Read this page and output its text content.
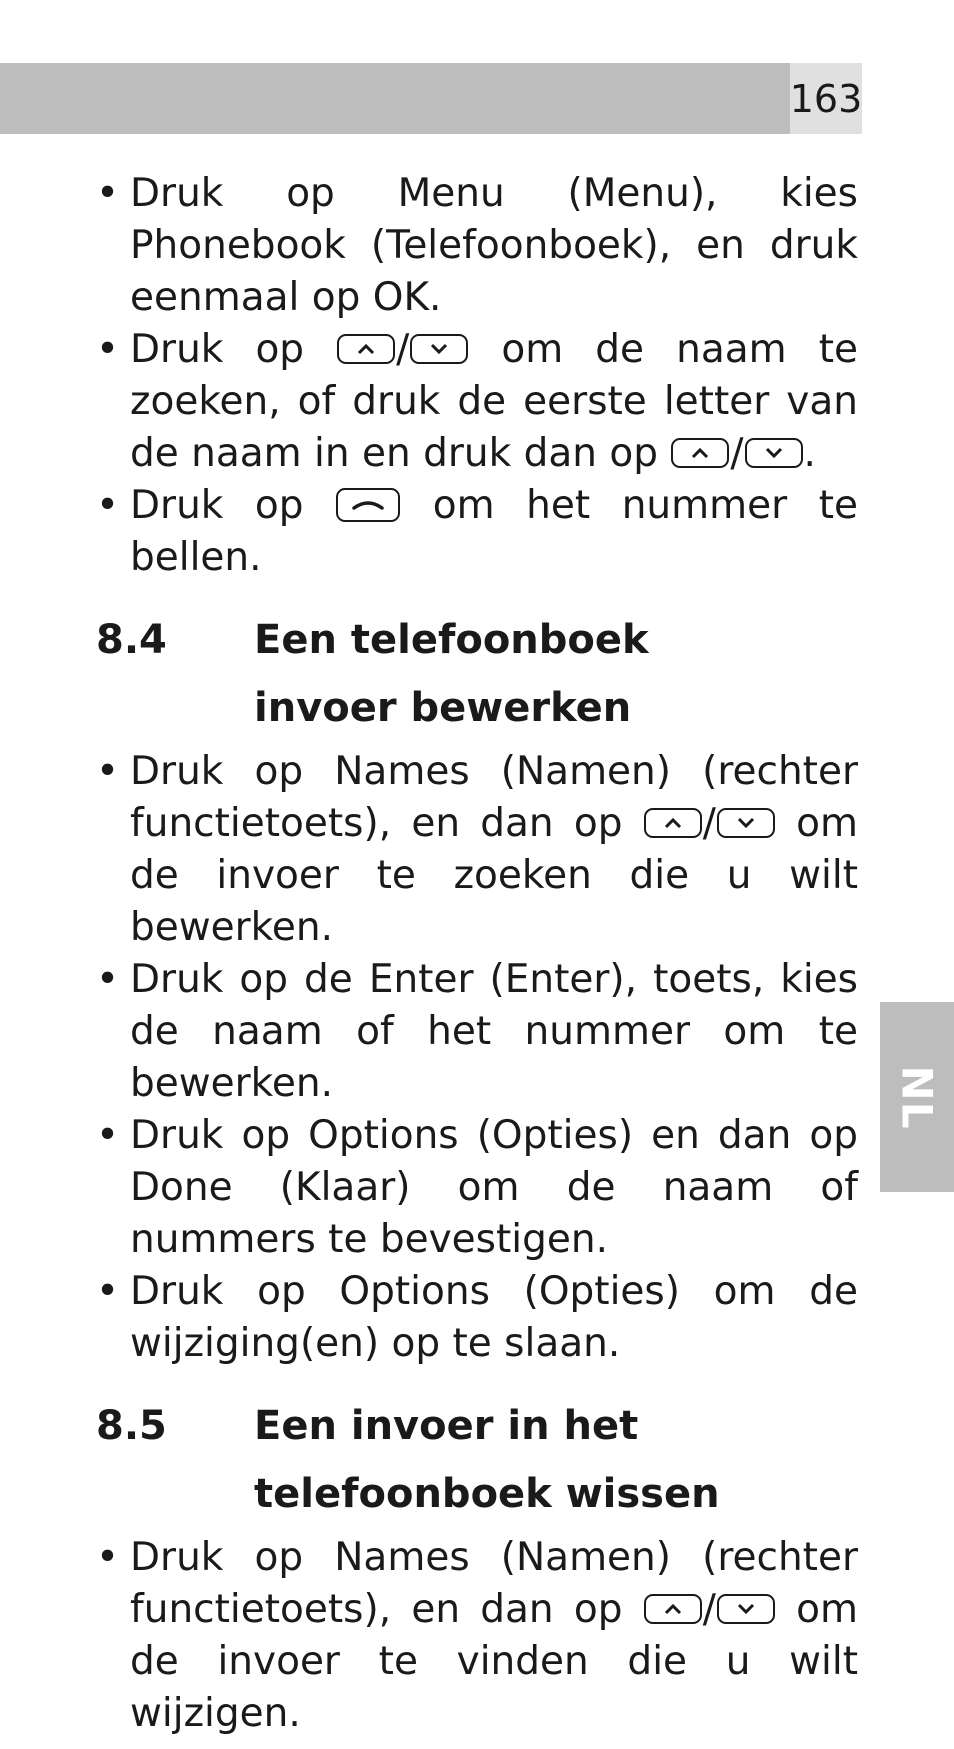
163
NL
• Druk op Menu (Menu), kies Phonebook (Telefoonboek), en druk eenmaal op OK.
• Druk op / om de naam te zoeken, of druk de eerste letter van de naam in en druk dan op / .
• Druk op	om het nummer te bellen.
8.4	Een telefoonboek
invoer bewerken
• Druk op Names (Namen) (rechter functietoets), en dan op / om de invoer te zoeken die u wilt bewerken.
• Druk op de Enter (Enter), toets, kies de naam of het nummer om te bewerken.
• Druk op Options (Opties) en dan op Done (Klaar) om de naam of nummers te bevestigen.
• Druk op Options (Opties) om de wijziging(en) op te slaan.
8.5	Een invoer in het
telefoonboek wissen
• Druk op Names (Namen) (rechter functietoets), en dan op / om de invoer te vinden die u wilt wijzigen.
